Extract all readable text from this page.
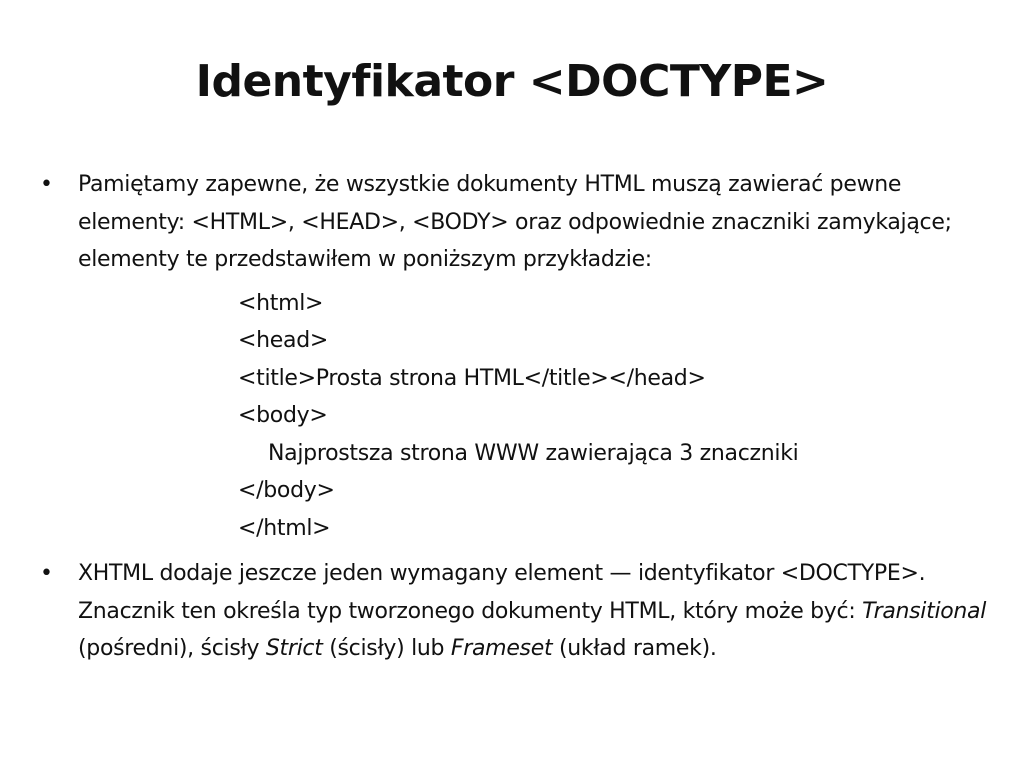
Identyfikator <DOCTYPE>
•	Pamiętamy zapewne, że wszystkie dokumenty HTML muszą zawierać pewne elementy: <HTML>, <HEAD>, <BODY> oraz odpowiednie znaczniki zamykające; elementy te przedstawiłem w poniższym przykładzie:
<html>
<head>
<title>Prosta strona HTML</title></head>
<body>
Najprostsza strona WWW zawierająca 3 znaczniki
</body>
</html>
•	XHTML dodaje jeszcze jeden wymagany element — identyfikator <DOCTYPE>. Znacznik ten określa typ tworzonego dokumenty HTML, który może być: Transitional (pośredni), ścisły Strict (ścisły) lub Frameset (układ ramek).
